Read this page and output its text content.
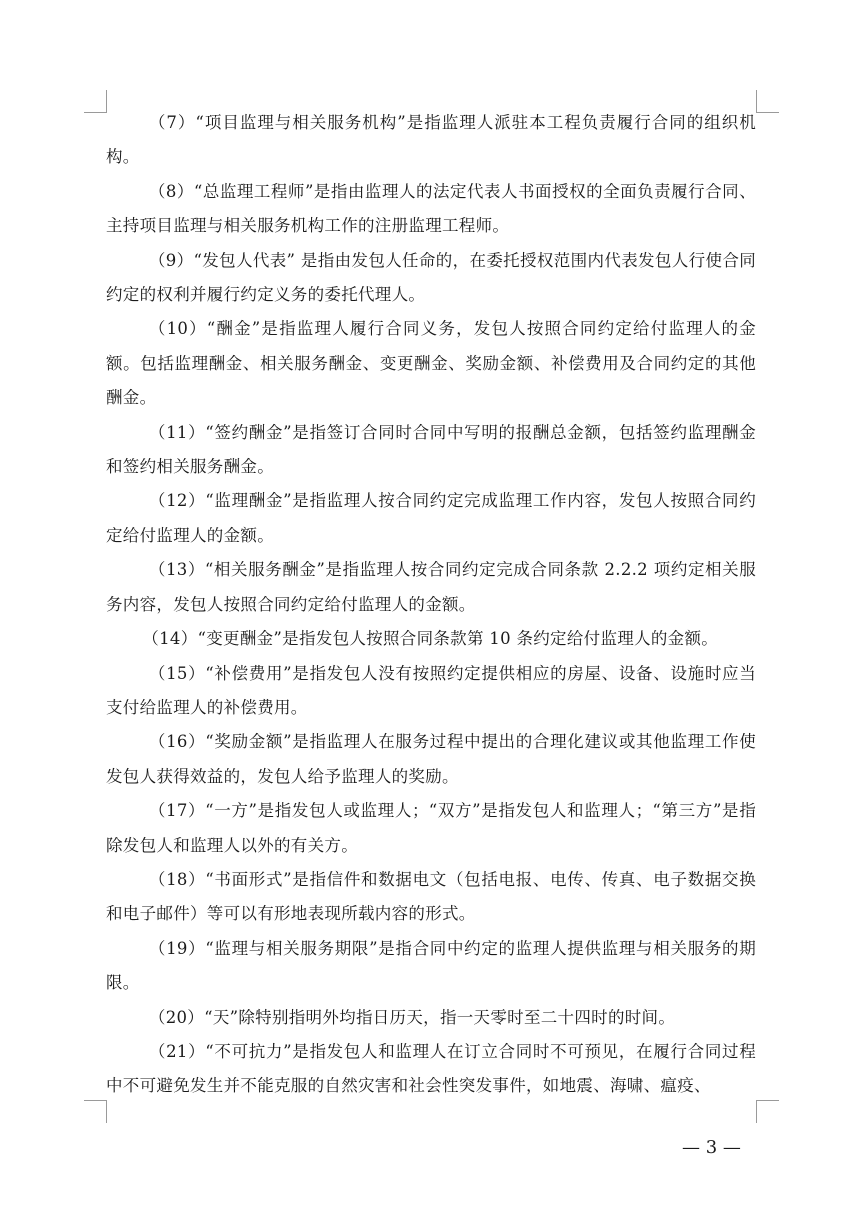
（7）“项目监理与相关服务机构”是指监理人派驻本工程负责履行合同的组织机构。

（8）“总监理工程师”是指由监理人的法定代表人书面授权的全面负责履行合同、主持项目监理与相关服务机构工作的注册监理工程师。

（9）“发包人代表” 是指由发包人任命的，在委托授权范围内代表发包人行使合同约定的权利并履行约定义务的委托代理人。

（10）“酬金”是指监理人履行合同义务，发包人按照合同约定给付监理人的金额。包括监理酬金、相关服务酬金、变更酬金、奖励金额、补偿费用及合同约定的其他酬金。

（11）“签约酬金”是指签订合同时合同中写明的报酬总金额，包括签约监理酬金和签约相关服务酬金。

（12）“监理酬金”是指监理人按合同约定完成监理工作内容，发包人按照合同约定给付监理人的金额。

（13）“相关服务酬金”是指监理人按合同约定完成合同条款 2.2.2 项约定相关服务内容，发包人按照合同约定给付监理人的金额。

（14）“变更酬金”是指发包人按照合同条款第 10 条约定给付监理人的金额。

（15）“补偿费用”是指发包人没有按照约定提供相应的房屋、设备、设施时应当支付给监理人的补偿费用。

（16）“奖励金额”是指监理人在服务过程中提出的合理化建议或其他监理工作使发包人获得效益的，发包人给予监理人的奖励。

（17）“一方”是指发包人或监理人；“双方”是指发包人和监理人；“第三方”是指除发包人和监理人以外的有关方。

（18）“书面形式”是指信件和数据电文（包括电报、电传、传真、电子数据交换和电子邮件）等可以有形地表现所载内容的形式。

（19）“监理与相关服务期限”是指合同中约定的监理人提供监理与相关服务的期限。

（20）“天”除特别指明外均指日历天，指一天零时至二十四时的时间。

（21）“不可抗力”是指发包人和监理人在订立合同时不可预见，在履行合同过程中不可避免发生并不能克服的自然灾害和社会性突发事件，如地震、海啸、瘟疫、

— 3 —
